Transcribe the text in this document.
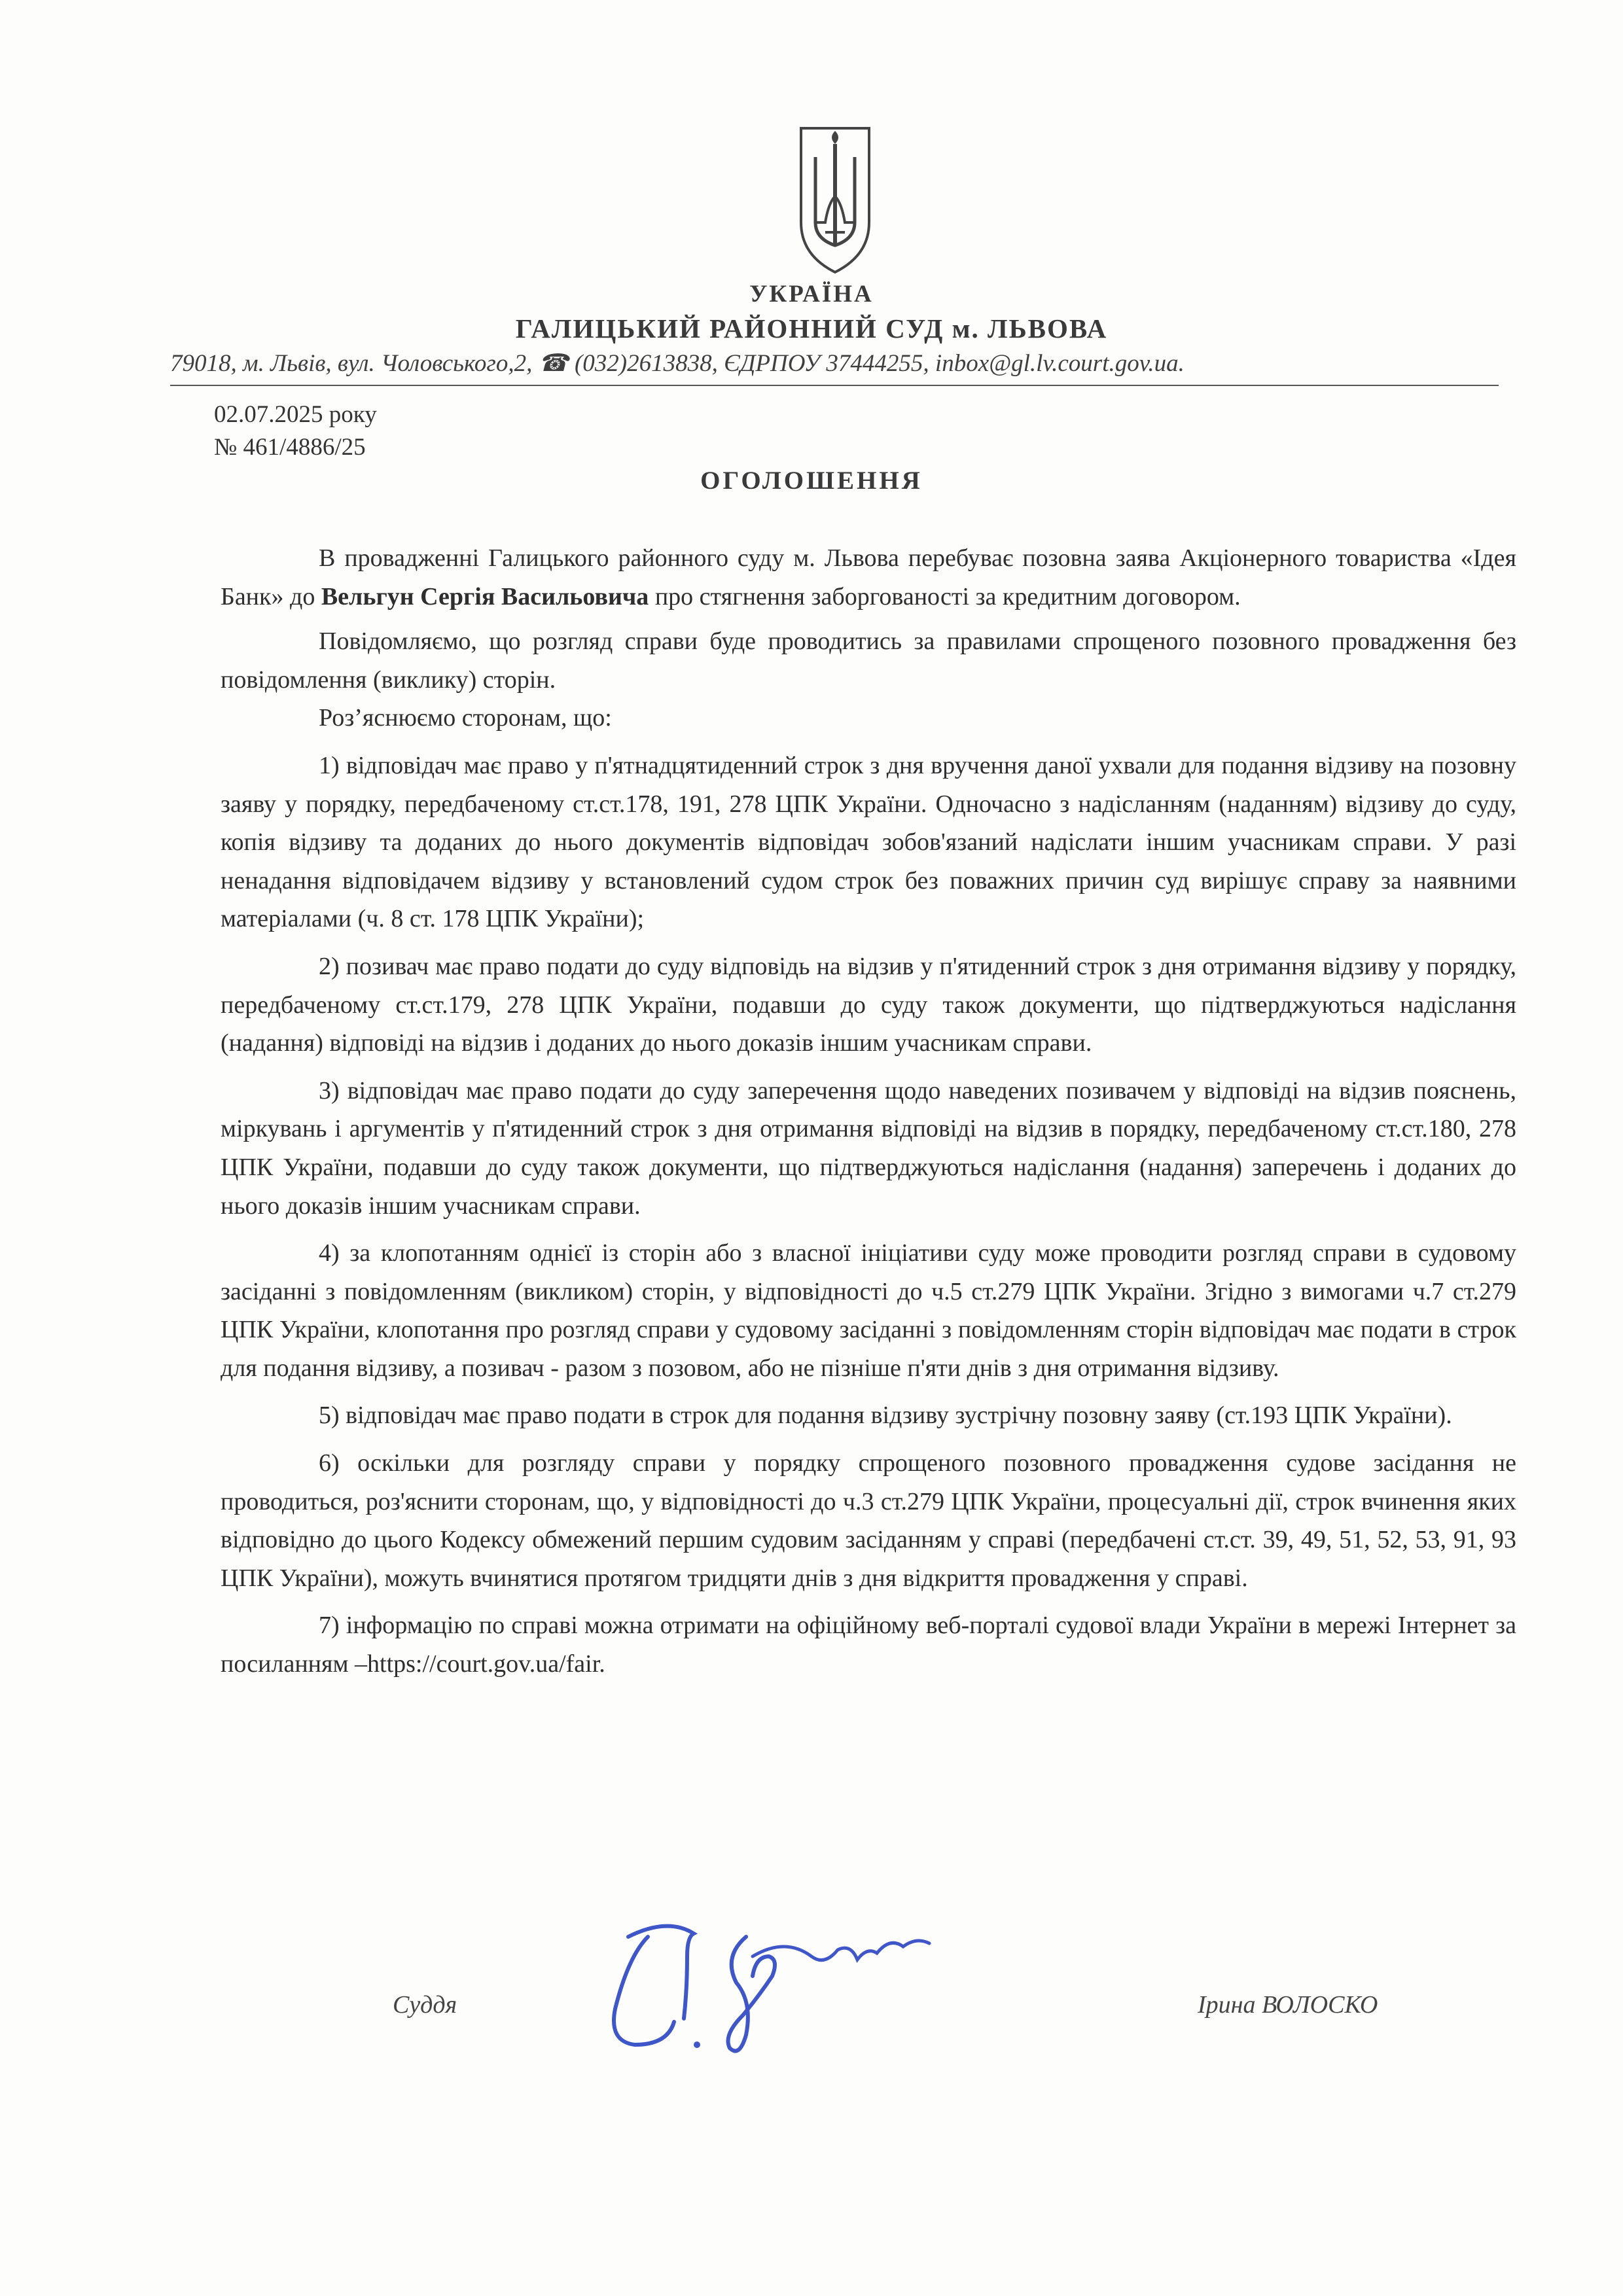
УКРАЇНА
ГАЛИЦЬКИЙ РАЙОННИЙ СУД м. ЛЬВОВА
79018, м. Львів, вул. Чоловського,2, ☎ (032)2613838, ЄДРПОУ 37444255, inbox@gl.lv.court.gov.ua.
02.07.2025 року
№ 461/4886/25
ОГОЛОШЕННЯ

В провадженні Галицького районного суду м. Львова перебуває позовна заява Акціонерного товариства «Ідея Банк» до Вельгун Сергія Васильовича про стягнення заборгованості за кредитним договором.

Повідомляємо, що розгляд справи буде проводитись за правилами спрощеного позовного провадження без повідомлення (виклику) сторін.

Роз’яснюємо сторонам, що:

1) відповідач має право у п'ятнадцятиденний строк з дня вручення даної ухвали для подання відзиву на позовну заяву у порядку, передбаченому ст.ст.178, 191, 278 ЦПК України. Одночасно з надісланням (наданням) відзиву до суду, копія відзиву та доданих до нього документів відповідач зобов'язаний надіслати іншим учасникам справи. У разі ненадання відповідачем відзиву у встановлений судом строк без поважних причин суд вирішує справу за наявними матеріалами (ч. 8 ст. 178 ЦПК України);

2) позивач має право подати до суду відповідь на відзив у п'ятиденний строк з дня отримання відзиву у порядку, передбаченому ст.ст.179, 278 ЦПК України, подавши до суду також документи, що підтверджуються надіслання (надання) відповіді на відзив і доданих до нього доказів іншим учасникам справи.

3) відповідач має право подати до суду заперечення щодо наведених позивачем у відповіді на відзив пояснень, міркувань і аргументів у п'ятиденний строк з дня отримання відповіді на відзив в порядку, передбаченому ст.ст.180, 278 ЦПК України, подавши до суду також документи, що підтверджуються надіслання (надання) заперечень і доданих до нього доказів іншим учасникам справи.

4) за клопотанням однієї із сторін або з власної ініціативи суду може проводити розгляд справи в судовому засіданні з повідомленням (викликом) сторін, у відповідності до ч.5 ст.279 ЦПК України. Згідно з вимогами ч.7 ст.279 ЦПК України, клопотання про розгляд справи у судовому засіданні з повідомленням сторін відповідач має подати в строк для подання відзиву, а позивач - разом з позовом, або не пізніше п'яти днів з дня отримання відзиву.

5) відповідач має право подати в строк для подання відзиву зустрічну позовну заяву (ст.193 ЦПК України).

6) оскільки для розгляду справи у порядку спрощеного позовного провадження судове засідання не проводиться, роз'яснити сторонам, що, у відповідності до ч.3 ст.279 ЦПК України, процесуальні дії, строк вчинення яких відповідно до цього Кодексу обмежений першим судовим засіданням у справі (передбачені ст.ст. 39, 49, 51, 52, 53, 91, 93 ЦПК України), можуть вчинятися протягом тридцяти днів з дня відкриття провадження у справі.

7) інформацію по справі можна отримати на офіційному веб-порталі судової влади України в мережі Інтернет за посиланням –https://court.gov.ua/fair.

Суддя	Ірина ВОЛОСКО
